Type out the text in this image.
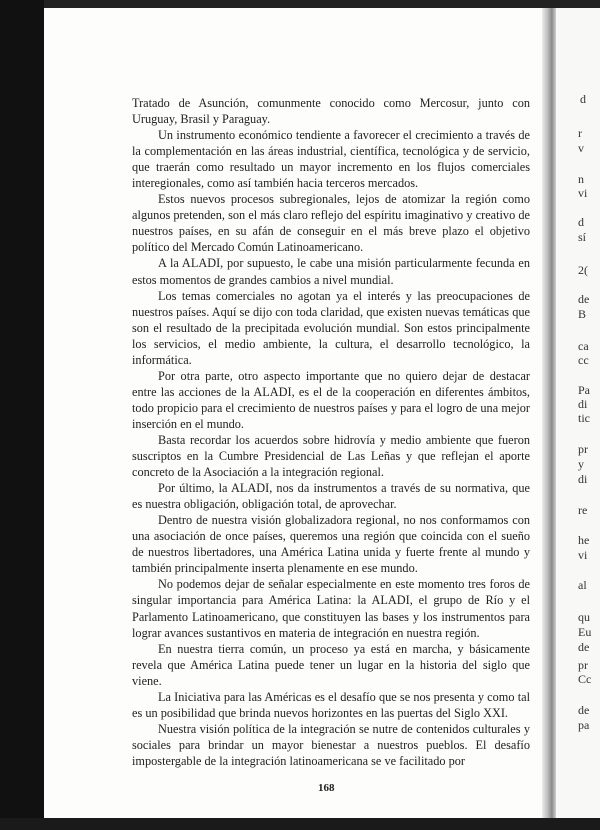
Tratado de Asunción, comunmente conocido como Mercosur, junto con Uruguay, Brasil y Paraguay.

Un instrumento económico tendiente a favorecer el crecimiento a través de la complementación en las áreas industrial, científica, tecnológica y de servicio, que traerán como resultado un mayor incremento en los flujos comerciales interegionales, como así también hacia terceros mercados.

Estos nuevos procesos subregionales, lejos de atomizar la región como algunos pretenden, son el más claro reflejo del espíritu imaginativo y creativo de nuestros países, en su afán de conseguir en el más breve plazo el objetivo político del Mercado Común Latinoamericano.

A la ALADI, por supuesto, le cabe una misión particularmente fecunda en estos momentos de grandes cambios a nivel mundial.

Los temas comerciales no agotan ya el interés y las preocupaciones de nuestros países. Aquí se dijo con toda claridad, que existen nuevas temáticas que son el resultado de la precipitada evolución mundial. Son estos principalmente los servicios, el medio ambiente, la cultura, el desarrollo tecnológico, la informática.

Por otra parte, otro aspecto importante que no quiero dejar de destacar entre las acciones de la ALADI, es el de la cooperación en diferentes ámbitos, todo propicio para el crecimiento de nuestros países y para el logro de una mejor inserción en el mundo.

Basta recordar los acuerdos sobre hidrovía y medio ambiente que fueron suscriptos en la Cumbre Presidencial de Las Leñas y que reflejan el aporte concreto de la Asociación a la integración regional.

Por último, la ALADI, nos da instrumentos a través de su normativa, que es nuestra obligación, obligación total, de aprovechar.

Dentro de nuestra visión globalizadora regional, no nos conformamos con una asociación de once países, queremos una región que coincida con el sueño de nuestros libertadores, una América Latina unida y fuerte frente al mundo y también principalmente inserta plenamente en ese mundo.

No podemos dejar de señalar especialmente en este momento tres foros de singular importancia para América Latina: la ALADI, el grupo de Río y el Parlamento Latinoamericano, que constituyen las bases y los instrumentos para lograr avances sustantivos en materia de integración en nuestra región.

En nuestra tierra común, un proceso ya está en marcha, y básicamente revela que América Latina puede tener un lugar en la historia del siglo que viene.

La Iniciativa para las Américas es el desafío que se nos presenta y como tal es un posibilidad que brinda nuevos horizontes en las puertas del Siglo XXI.

Nuestra visión política de la integración se nutre de contenidos culturales y sociales para brindar un mayor bienestar a nuestros pueblos. El desafío impostergable de la integración latinoamericana se ve facilitado por

168
d
r
v
n
vi
d
sí
2(
de
B
ca
cc
Pa
di
tic
pr
y
di
re
he
vi
al
qu
Eu
de
pr
Cc
de
pa
